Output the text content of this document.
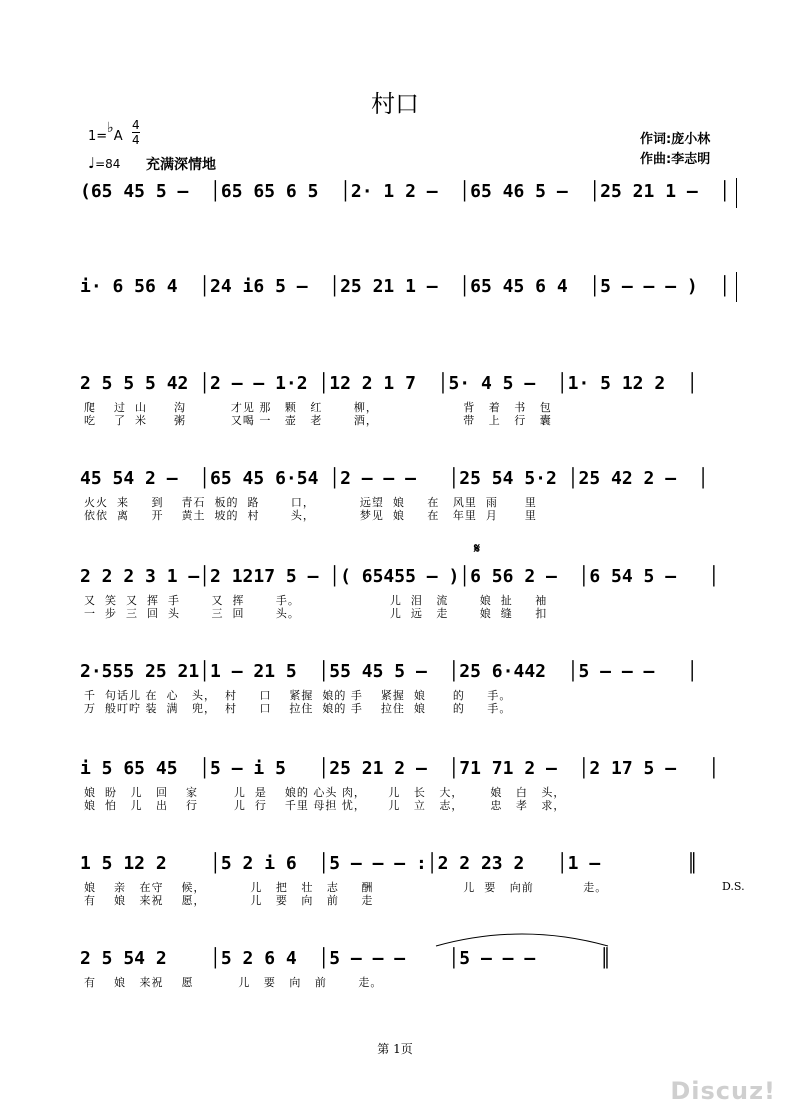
村口
1=♭A $\frac{4}{4}$
♩=84 充满深情地
作词:庞小林
作曲:李志明
(65 45 5 –  │65 65 6 5  │2· 1 2 –  │65 46 5 –  │25 21 1 –  │
i· 6 56 4  │24 i6 5 –  │25 21 1 –  │65 45 6 4  │5 – – – )  │
2 5 5 5 42 │2 – – 1·2 │12 2 1 7  │5· 4 5 –  │1· 5 12 2  │
爬    过  山      沟          才见 那   颗   红       柳，                   背   着   书   包
吃    了  米      粥          又喝 一   壶   老       酒，                   带   上   行   囊
45 54 2 –  │65 45 6·54 │2 – – –   │25 54 5·2 │25 42 2 –  │
火火  来     到    青石  板的  路       口，          远望  娘     在   风里  雨      里
依依  离     开    黄土  坡的  村       头，          梦见  娘     在   年里  月      里
𝄋
2 2 2 3 1 –│2 1217 5 – │( 65455 – )│6 56 2 –  │6 54 5 –   │
又  笑  又  挥  手       又  挥       手。                    儿  泪   流       娘  扯     袖
一  步  三  回  头       三  回       头。                    儿  远   走       娘  缝     扣
2·555 25 21│1 – 21 5  │55 45 5 –  │25 6·442  │5 – – –   │
千  句话儿 在  心   头，  村     口    紧握  娘的 手    紧握  娘      的     手。
万  般叮咛 装  满   兜，  村     口    拉住  娘的 手    拉住  娘      的     手。
i 5 65 45  │5 – i 5   │25 21 2 –  │71 71 2 –  │2 17 5 –   │
娘  盼   儿   回    家        儿  是    娘的 心头 肉，     儿   长   大，      娘   白   头，
娘  怕   儿   出    行        儿  行    千里 母担 忧，     儿   立   志，      忠   孝   求，
1 5 12 2    │5 2 i 6  │5 – – – :│2 2 23 2   │1 –        ║
娘    亲   在守    候，          儿   把   壮   志     酬                    儿  要   向前           走。
有    娘   来祝    愿，          儿   要   向   前     走
D.S.
2 5 54 2    │5 2 6 4  │5 – – –    │5 – – –      ║
有    娘   来祝    愿          儿   要   向   前       走。
第 1页
Discuz!
